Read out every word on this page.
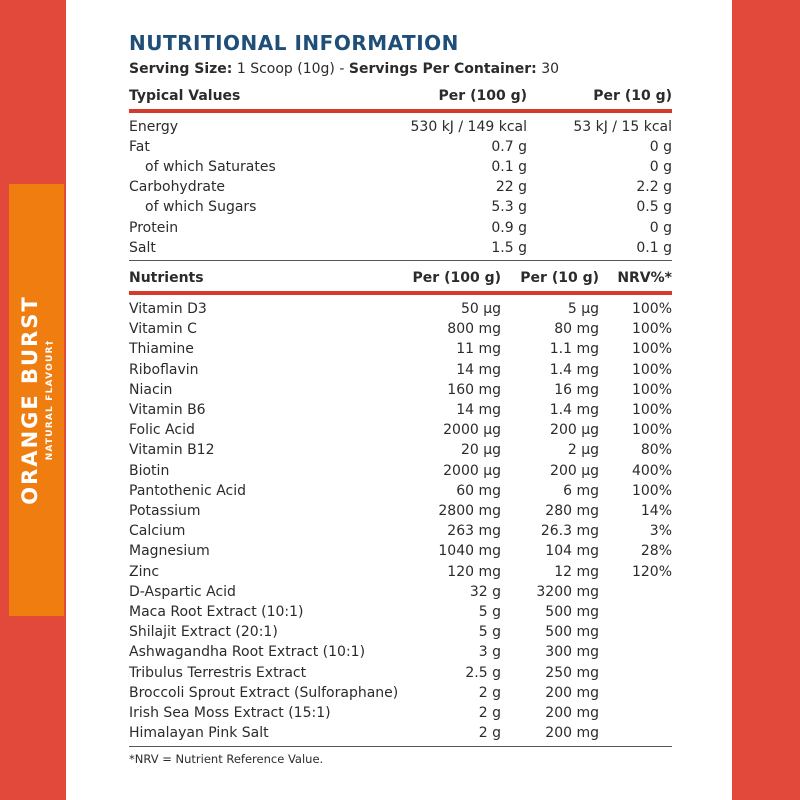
ORANGE BURST NATURAL FLAVOUR†
NUTRITIONAL INFORMATION
Serving Size: 1 Scoop (10g) - Servings Per Container: 30
Typical Values	Per (100 g)	Per (10 g)
Energy	530 kJ / 149 kcal	53 kJ / 15 kcal
Fat	0.7 g	0 g
of which Saturates	0.1 g	0 g
Carbohydrate	22 g	2.2 g
of which Sugars	5.3 g	0.5 g
Protein	0.9 g	0 g
Salt	1.5 g	0.1 g
Nutrients	Per (100 g) Per (10 g) NRV%*
Vitamin D3	50 µg	5 µg 100%
Vitamin C	800 mg	80 mg 100%
Thiamine	11 mg	1.1 mg 100%
Riboflavin	14 mg	1.4 mg 100%
Niacin	160 mg	16 mg 100%
Vitamin B6	14 mg	1.4 mg 100%
Folic Acid	2000 µg	200 µg 100%
Vitamin B12	20 µg	2 µg	80%
Biotin	2000 µg	200 µg 400%
Pantothenic Acid	60 mg	6 mg 100%
Potassium	2800 mg	280 mg	14%
Calcium	263 mg	26.3 mg	3%
Magnesium	1040 mg	104 mg	28%
Zinc	120 mg	12 mg 120%
D-Aspartic Acid	32 g	3200 mg
Maca Root Extract (10:1)	5 g	500 mg
Shilajit Extract (20:1)	5 g	500 mg
Ashwagandha Root Extract (10:1)	3 g	300 mg
Tribulus Terrestris Extract	2.5 g	250 mg
Broccoli Sprout Extract (Sulforaphane)	2 g	200 mg
Irish Sea Moss Extract (15:1)	2 g	200 mg
Himalayan Pink Salt	2 g	200 mg
*NRV = Nutrient Reference Value.
